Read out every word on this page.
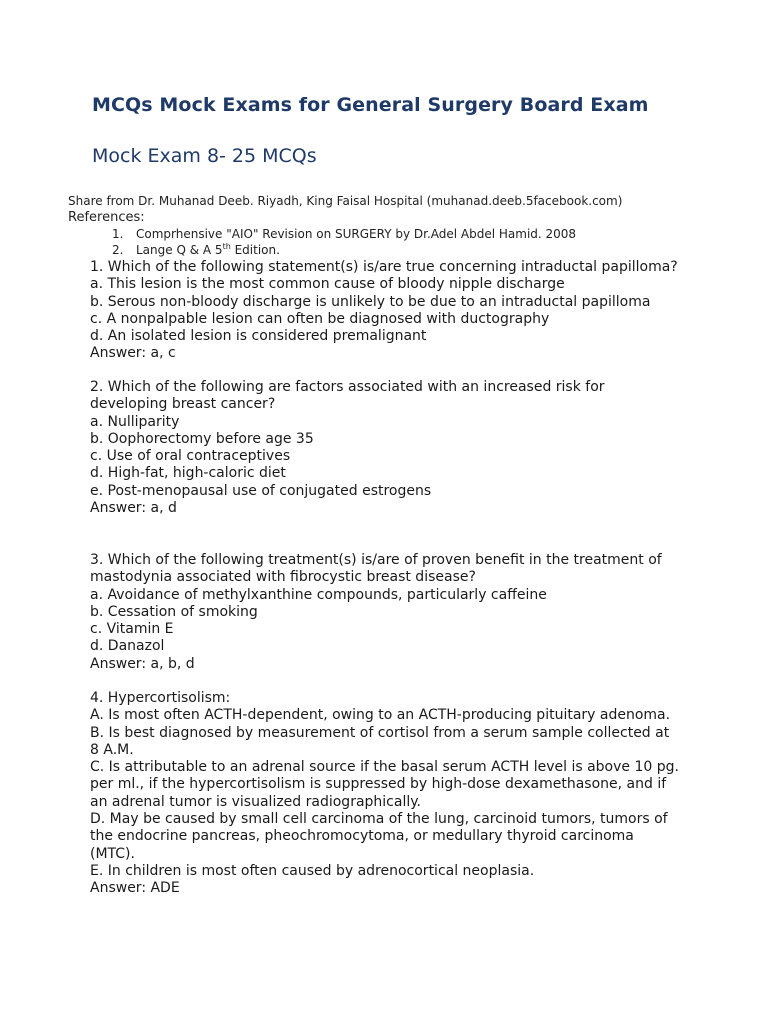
MCQs Mock Exams for General Surgery Board Exam
Mock Exam 8- 25 MCQs
Share from Dr. Muhanad Deeb. Riyadh, King Faisal Hospital (muhanad.deeb.5facebook.com)
References:
1. Comprhensive "AIO" Revision on SURGERY by Dr.Adel Abdel Hamid. 2008
2. Lange Q & A 5th Edition.
1. Which of the following statement(s) is/are true concerning intraductal papilloma?
a. This lesion is the most common cause of bloody nipple discharge
b. Serous non-bloody discharge is unlikely to be due to an intraductal papilloma
c. A nonpalpable lesion can often be diagnosed with ductography
d. An isolated lesion is considered premalignant
Answer: a, c
2. Which of the following are factors associated with an increased risk for
developing breast cancer?
a. Nulliparity
b. Oophorectomy before age 35
c. Use of oral contraceptives
d. High-fat, high-caloric diet
e. Post-menopausal use of conjugated estrogens
Answer: a, d
3. Which of the following treatment(s) is/are of proven benefit in the treatment of
mastodynia associated with fibrocystic breast disease?
a. Avoidance of methylxanthine compounds, particularly caffeine
b. Cessation of smoking
c. Vitamin E
d. Danazol
Answer: a, b, d
4. Hypercortisolism:
A. Is most often ACTH-dependent, owing to an ACTH-producing pituitary adenoma.
B. Is best diagnosed by measurement of cortisol from a serum sample collected at
8 A.M.
C. Is attributable to an adrenal source if the basal serum ACTH level is above 10 pg.
per ml., if the hypercortisolism is suppressed by high-dose dexamethasone, and if
an adrenal tumor is visualized radiographically.
D. May be caused by small cell carcinoma of the lung, carcinoid tumors, tumors of
the endocrine pancreas, pheochromocytoma, or medullary thyroid carcinoma
(MTC).
E. In children is most often caused by adrenocortical neoplasia.
Answer: ADE
